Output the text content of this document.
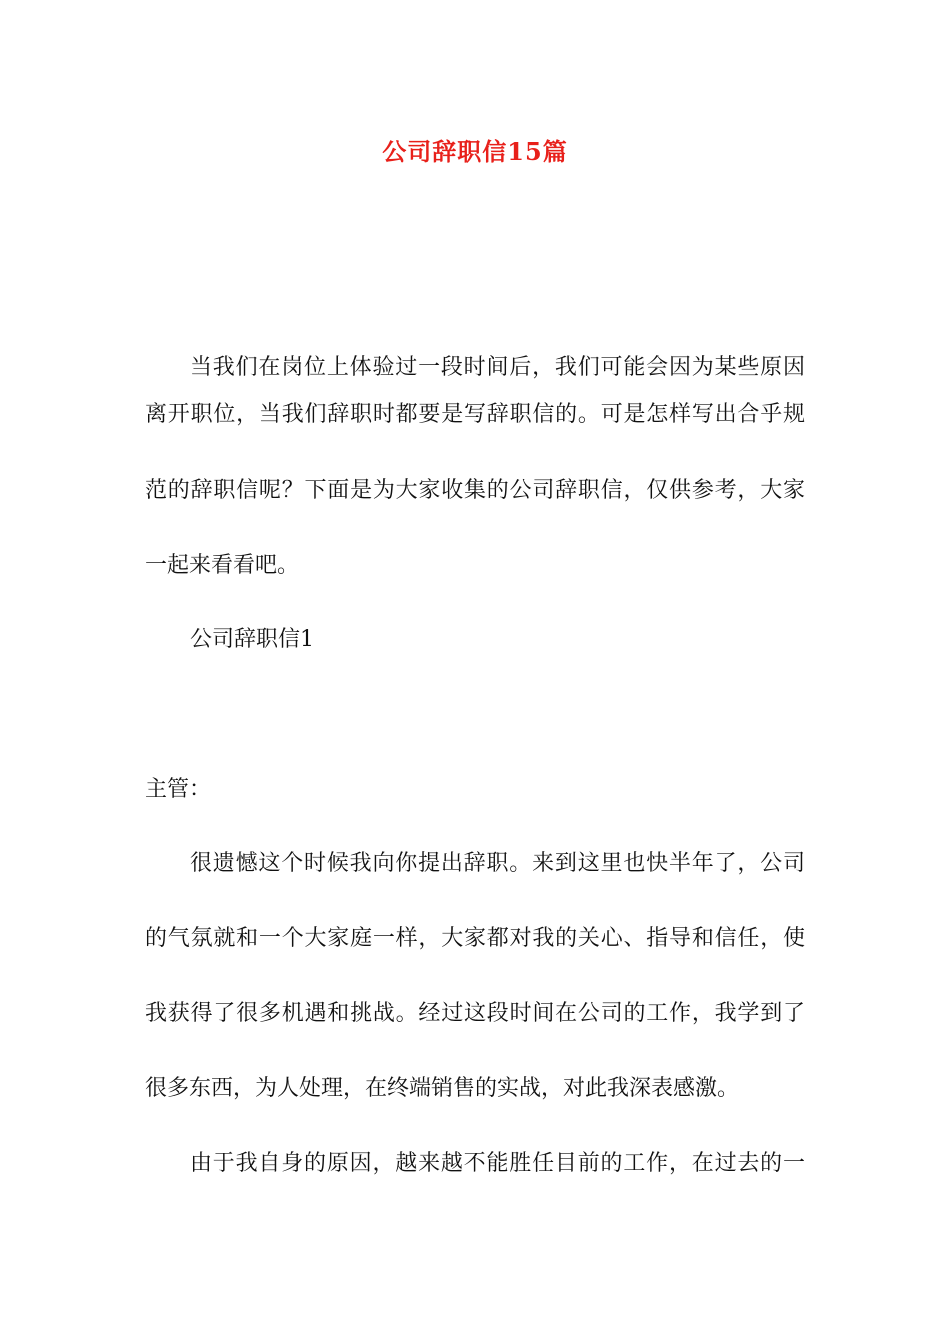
公司辞职信15篇
当我们在岗位上体验过一段时间后，我们可能会因为某些原因
离开职位，当我们辞职时都要是写辞职信的。可是怎样写出合乎规
范的辞职信呢？下面是为大家收集的公司辞职信，仅供参考，大家
一起来看看吧。
公司辞职信1
主管：
很遗憾这个时候我向你提出辞职。来到这里也快半年了，公司
的气氛就和一个大家庭一样，大家都对我的关心、指导和信任，使
我获得了很多机遇和挑战。经过这段时间在公司的工作，我学到了
很多东西，为人处理，在终端销售的实战，对此我深表感激。
由于我自身的原因，越来越不能胜任目前的工作，在过去的一
